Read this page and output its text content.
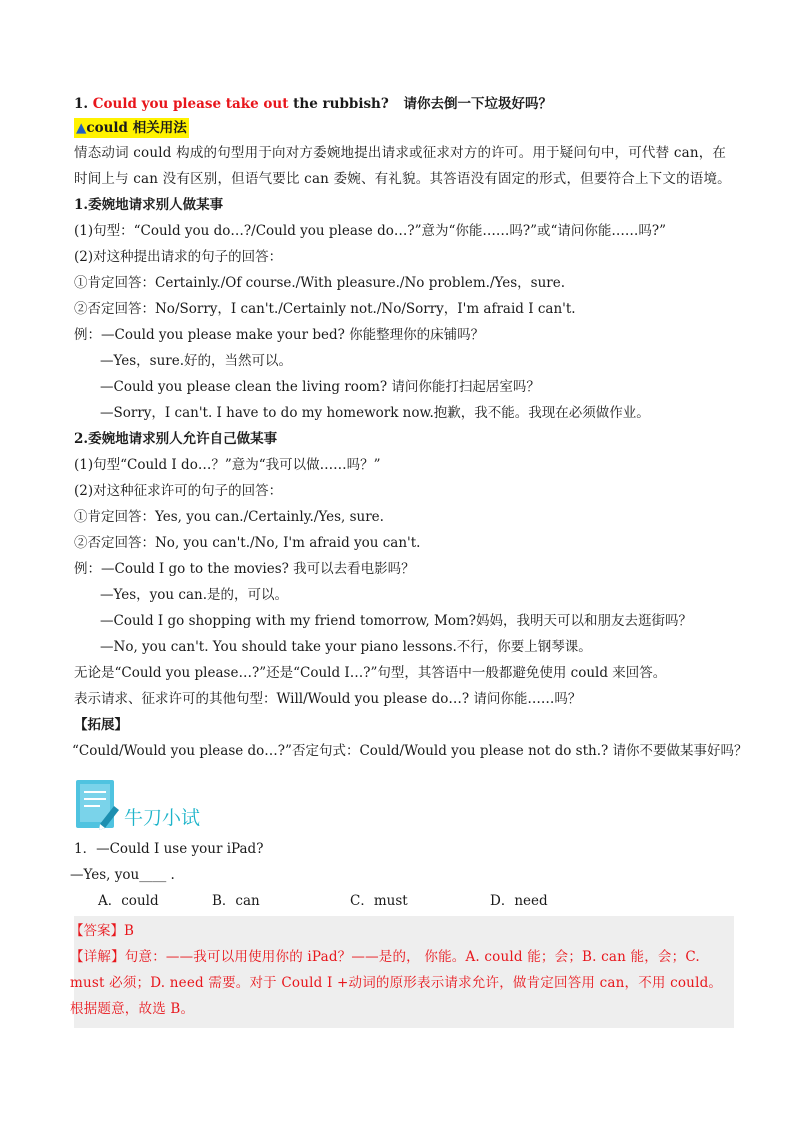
1. Could you please take out the rubbish? 请你去倒一下垃圾好吗？
▲could 相关用法
情态动词 could 构成的句型用于向对方委婉地提出请求或征求对方的许可。用于疑问句中，可代替 can，在时间上与 can 没有区别，但语气要比 can 委婉、有礼貌。其答语没有固定的形式，但要符合上下文的语境。
1.委婉地请求别人做某事
(1)句型：“Could you do…?/Could you please do…?”意为“你能……吗?”或“请问你能……吗?”
(2)对这种提出请求的句子的回答：
①肯定回答：Certainly./Of course./With pleasure./No problem./Yes，sure.
②否定回答：No/Sorry，I can't./Certainly not./No/Sorry，I'm afraid I can't.
例：—Could you please make your bed? 你能整理你的床铺吗？
—Yes，sure.好的，当然可以。
—Could you please clean the living room? 请问你能打扫起居室吗？
—Sorry，I can't. I have to do my homework now.抱歉，我不能。我现在必须做作业。
2.委婉地请求别人允许自己做某事
(1)句型“Could I do…？”意为“我可以做……吗？”
(2)对这种征求许可的句子的回答：
①肯定回答：Yes, you can./Certainly./Yes, sure.
②否定回答：No, you can't./No, I'm afraid you can't.
例：—Could I go to the movies? 我可以去看电影吗？
—Yes，you can.是的，可以。
—Could I go shopping with my friend tomorrow, Mom?妈妈，我明天可以和朋友去逛街吗？
—No, you can't. You should take your piano lessons.不行，你要上钢琴课。
无论是“Could you please…?”还是“Could I…?”句型，其答语中一般都避免使用 could 来回答。
表示请求、征求许可的其他句型：Will/Would you please do…? 请问你能……吗？
【拓展】
“Could/Would you please do…?”否定句式：Could/Would you please not do sth.? 请你不要做某事好吗？
牛刀小试
1．—Could I use your iPad?
—Yes, you____ .
A．could	B．can	C．must	D．need
【答案】B
【详解】句意：——我可以用使用你的 iPad？——是的， 你能。A. could 能；会；B. can 能，会；C. must 必须；D. need 需要。对于 Could I +动词的原形表示请求允许，做肯定回答用 can，不用 could。根据题意，故选 B。
